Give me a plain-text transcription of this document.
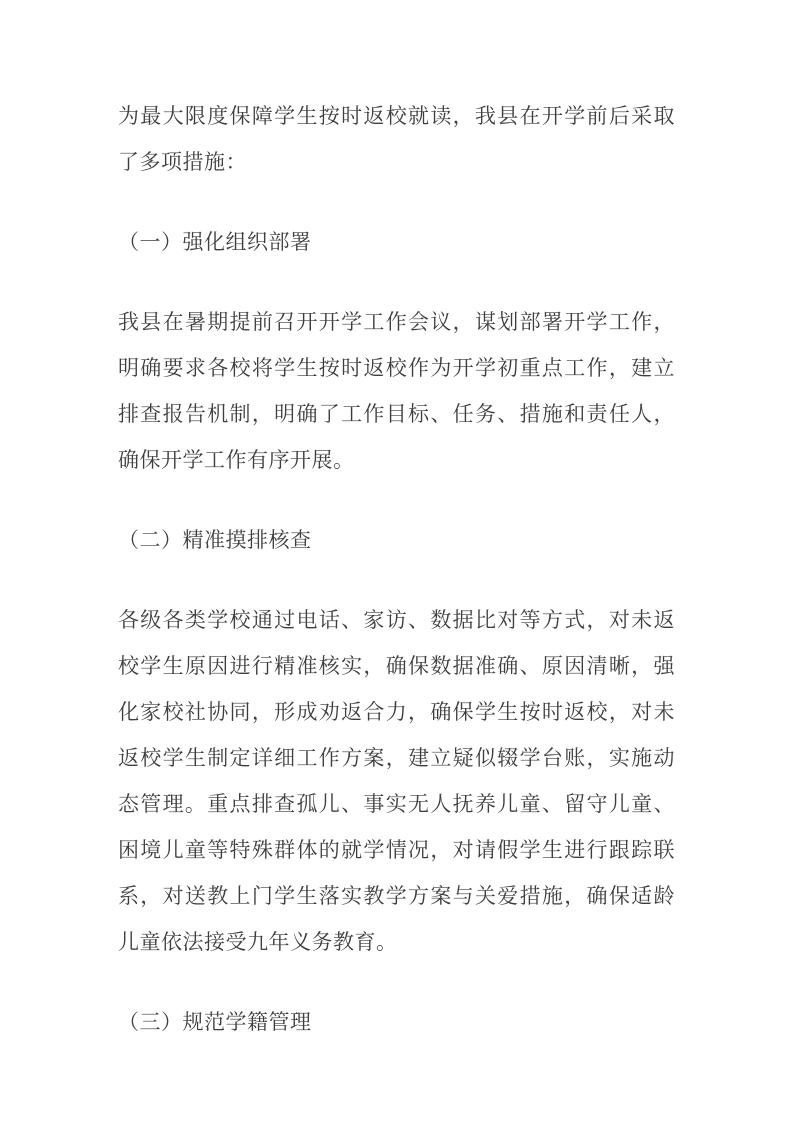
为最大限度保障学生按时返校就读，我县在开学前后采取了多项措施：

（一）强化组织部署

我县在暑期提前召开开学工作会议，谋划部署开学工作，明确要求各校将学生按时返校作为开学初重点工作，建立排查报告机制，明确了工作目标、任务、措施和责任人，确保开学工作有序开展。

（二）精准摸排核查

各级各类学校通过电话、家访、数据比对等方式，对未返校学生原因进行精准核实，确保数据准确、原因清晰，强化家校社协同，形成劝返合力，确保学生按时返校，对未返校学生制定详细工作方案，建立疑似辍学台账，实施动态管理。重点排查孤儿、事实无人抚养儿童、留守儿童、困境儿童等特殊群体的就学情况，对请假学生进行跟踪联系，对送教上门学生落实教学方案与关爱措施，确保适龄儿童依法接受九年义务教育。

（三）规范学籍管理
